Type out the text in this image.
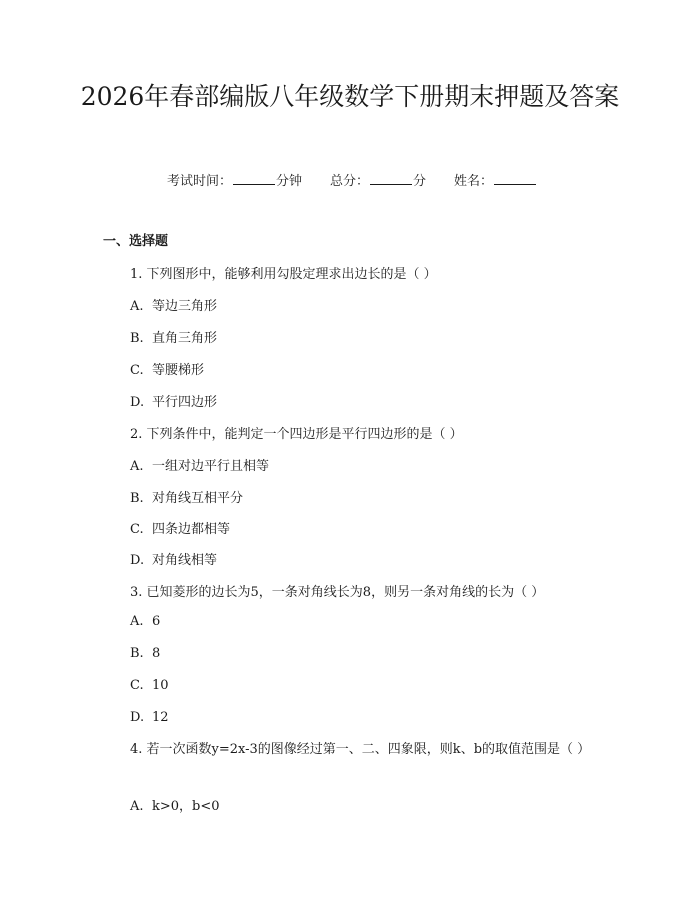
2026年春部编版八年级数学下册期末押题及答案
考试时间：	分钟 总分：	分 姓名：
一、选择题
1. 下列图形中，能够利用勾股定理求出边长的是（ ）
A. 等边三角形
B. 直角三角形
C. 等腰梯形
D. 平行四边形
2. 下列条件中，能判定一个四边形是平行四边形的是（ ）
A. 一组对边平行且相等
B. 对角线互相平分
C. 四条边都相等
D. 对角线相等
3. 已知菱形的边长为5，一条对角线长为8，则另一条对角线的长为（ ）
A. 6
B. 8
C. 10
D. 12
4. 若一次函数y=2x-3的图像经过第一、二、四象限，则k、b的取值范围是（ ）
A. k>0，b<0
